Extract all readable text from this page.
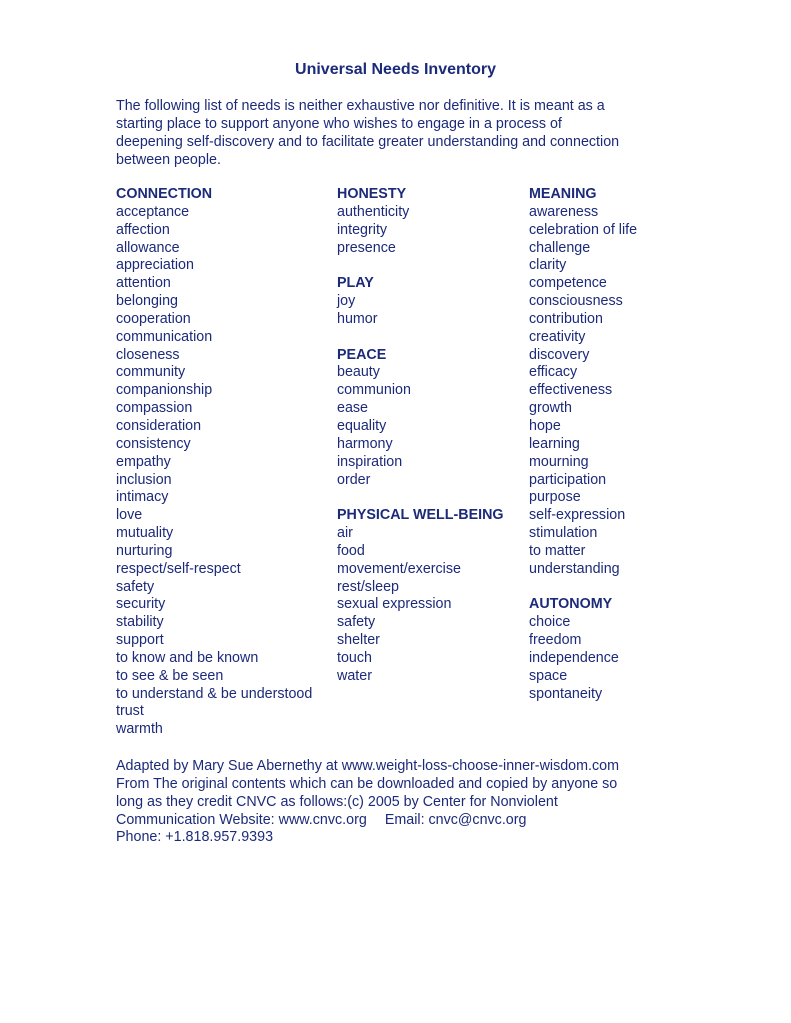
Universal Needs Inventory
The following list of needs is neither exhaustive nor definitive. It is meant as a
starting place to support anyone who wishes to engage in a process of
deepening self-discovery and to facilitate greater understanding and connection
between people.
CONNECTION
acceptance
affection
allowance
appreciation
attention
belonging
cooperation
communication
closeness
community
companionship
compassion
consideration
consistency
empathy
inclusion
intimacy
love
mutuality
nurturing
respect/self-respect
safety
security
stability
support
to know and be known
to see & be seen
to understand & be understood
trust
warmth
HONESTY
authenticity
integrity
presence
PLAY
joy
humor
PEACE
beauty
communion
ease
equality
harmony
inspiration
order
PHYSICAL WELL-BEING
air
food
movement/exercise
rest/sleep
sexual expression
safety
shelter
touch
water
MEANING
awareness
celebration of life
challenge
clarity
competence
consciousness
contribution
creativity
discovery
efficacy
effectiveness
growth
hope
learning
mourning
participation
purpose
self-expression
stimulation
to matter
understanding
AUTONOMY
choice
freedom
independence
space
spontaneity
Adapted by Mary Sue Abernethy at www.weight-loss-choose-inner-wisdom.com
From The original contents which can be downloaded and copied by anyone so
long as they credit CNVC as follows:(c) 2005 by Center for Nonviolent
Communication Website: www.cnvc.org Email: cnvc@cnvc.org
Phone: +1.818.957.9393
